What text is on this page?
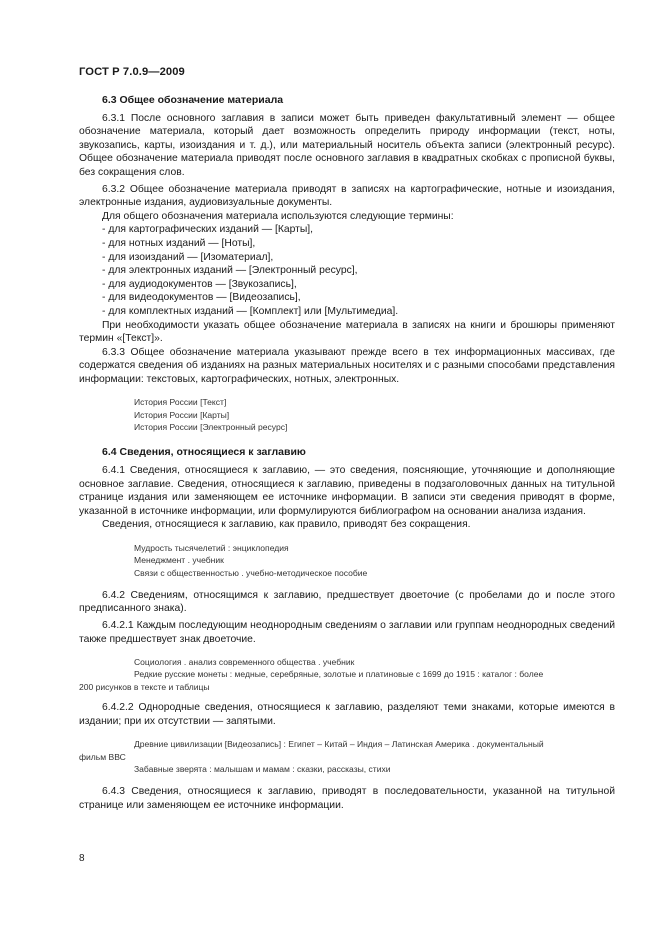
ГОСТ Р 7.0.9—2009
6.3 Общее обозначение материала

6.3.1 После основного заглавия в записи может быть приведен факультативный элемент — общее обозначение материала, который дает возможность определить природу информации (текст, ноты, звукозапись, карты, изоиздания и т. д.), или материальный носитель объекта записи (электронный ресурс). Общее обозначение материала приводят после основного заглавия в квадратных скобках с прописной буквы, без сокращения слов.

6.3.2 Общее обозначение материала приводят в записях на картографические, нотные и изоиздания, электронные издания, аудиовизуальные документы.

Для общего обозначения материала используются следующие термины:

- для картографических изданий — [Карты],
- для нотных изданий — [Ноты],
- для изоизданий — [Изоматериал],
- для электронных изданий — [Электронный ресурс],
- для аудиодокументов — [Звукозапись],
- для видеодокументов — [Видеозапись],
- для комплектных изданий — [Комплект] или [Мультимедиа].

При необходимости указать общее обозначение материала в записях на книги и брошюры применяют термин «[Текст]».

6.3.3 Общее обозначение материала указывают прежде всего в тех информационных массивах, где содержатся сведения об изданиях на разных материальных носителях и с разными способами представления информации: текстовых, картографических, нотных, электронных.

История России [Текст]
История России [Карты]
История России [Электронный ресурс]
6.4 Сведения, относящиеся к заглавию

6.4.1 Сведения, относящиеся к заглавию, — это сведения, поясняющие, уточняющие и дополняющие основное заглавие. Сведения, относящиеся к заглавию, приведены в подзаголовочных данных на титульной странице издания или заменяющем ее источнике информации. В записи эти сведения приводят в форме, указанной в источнике информации, или формулируются библиографом на основании анализа издания.

Сведения, относящиеся к заглавию, как правило, приводят без сокращения.

Мудрость тысячелетий : энциклопедия
Менеджмент . учебник
Связи с общественностью . учебно-методическое пособие

6.4.2 Сведениям, относящимся к заглавию, предшествует двоеточие (с пробелами до и после этого предписанного знака).

6.4.2.1 Каждым последующим неоднородным сведениям о заглавии или группам неоднородных сведений также предшествует знак двоеточие.

Социология . анализ современного общества . учебник
Редкие русские монеты : медные, серебряные, золотые и платиновые с 1699 до 1915 : каталог : более
200 рисунков в тексте и таблицы

6.4.2.2 Однородные сведения, относящиеся к заглавию, разделяют теми знаками, которые имеются в издании; при их отсутствии — запятыми.

Древние цивилизации [Видеозапись] : Египет – Китай – Индия – Латинская Америка . документальный
фильм ВВС
Забавные зверята : малышам и мамам : сказки, рассказы, стихи

6.4.3 Сведения, относящиеся к заглавию, приводят в последовательности, указанной на титульной странице или заменяющем ее источнике информации.

8
